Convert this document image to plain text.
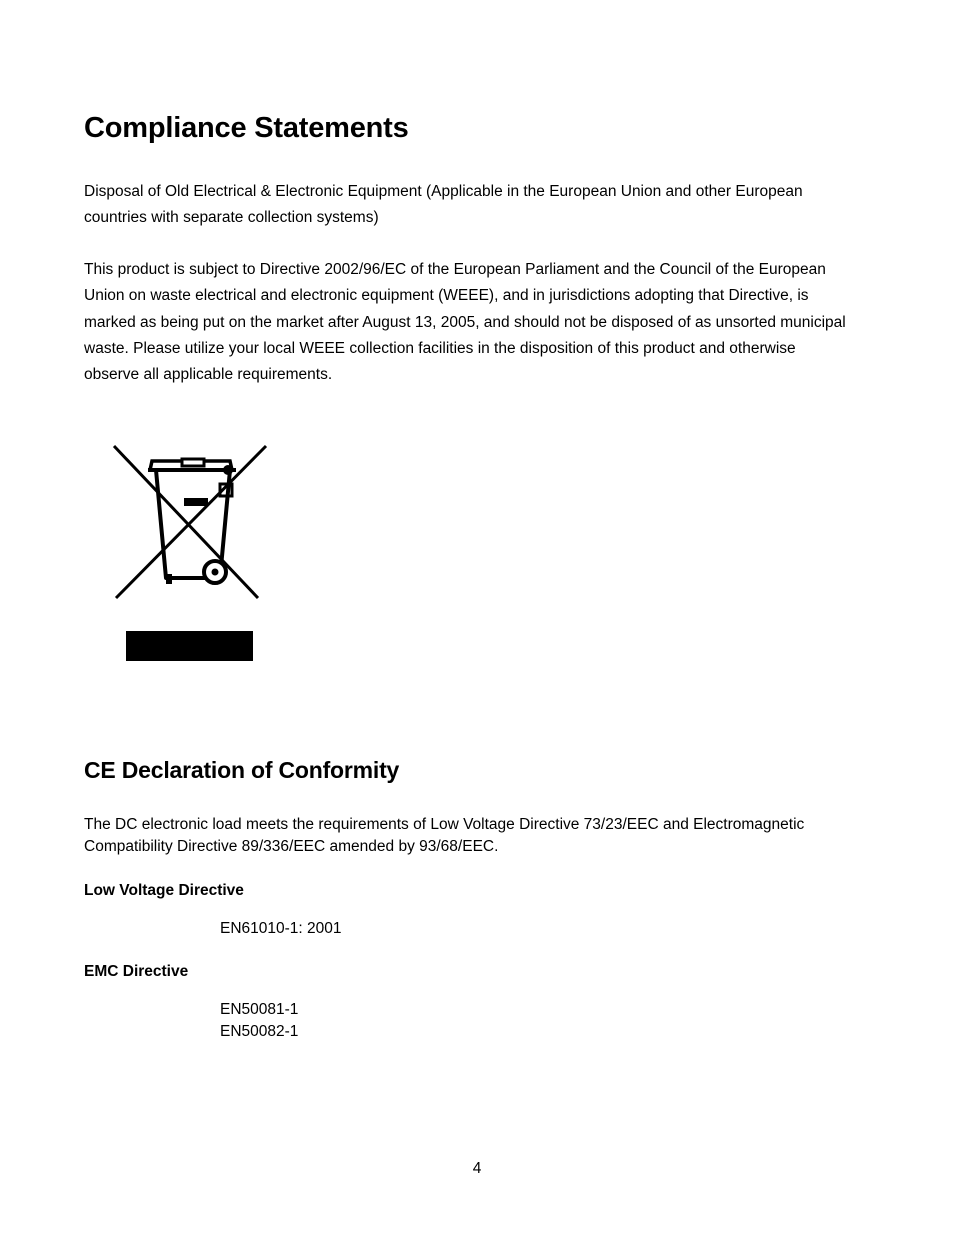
Compliance Statements

Disposal of Old Electrical & Electronic Equipment (Applicable in the European Union and other European countries with separate collection systems)

This product is subject to Directive 2002/96/EC of the European Parliament and the Council of the European Union on waste electrical and electronic equipment (WEEE), and in jurisdictions adopting that Directive, is marked as being put on the market after August 13, 2005, and should not be disposed of as unsorted municipal waste. Please utilize your local WEEE collection facilities in the disposition of this product and otherwise observe all applicable requirements.

CE Declaration of Conformity

The DC electronic load meets the requirements of Low Voltage Directive 73/23/EEC and Electromagnetic Compatibility Directive 89/336/EEC amended by 93/68/EEC.

Low Voltage Directive

EN61010-1: 2001

EMC Directive

EN50081-1

EN50082-1

4
